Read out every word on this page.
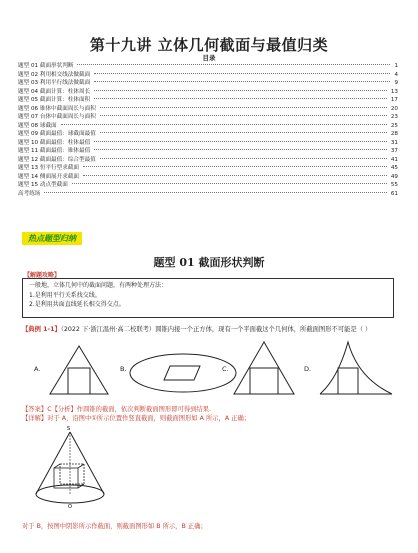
第十九讲 立体几何截面与最值归类
目录
题型 01 截面形状判断	1
题型 02 利用相交线法做截面	4
题型 03 利用平行线法做截面	9
题型 04 截面计算：柱体周长	13
题型 05 截面计算：柱体面积	17
题型 06 锥体中截面周长与面积	20
题型 07 台体中截面周长与面积	23
题型 08 球截面	25
题型 09 截面最值：球截面最值	28
题型 10 截面最值：柱体最值	31
题型 11 截面最值：锥体最值	37
题型 12 截面最值：综合型最值	41
题型 13 恒平行型求截面	45
题型 14 侧面展开求截面	49
题型 15 动点型截面	55
高考练场	61
热点题型归纳
题型 01 截面形状判断
【解题攻略】

一般地，立体几何中的截面问题，有两种处理方法：

1.是利用平行关系找交线。

2.是利用共面直线延长相交得交点。

【典例 1-1】（2022 下·浙江温州·高二校联考）圆锥内接一个正方体，现有一个平面截这个几何体，所截面图形不可能是（ ）
A.	B.	C.	D.
【答案】C【分析】作圆锥的截面，依次判断截面图形即可得到结果.
【详解】对于 A，沿图中①所示位置作竖直截面，则截面图形如 A 所示，A 正确；
S
O
对于 B，按图中阴影所示作截面，则截面图形如 B 所示，B 正确；
